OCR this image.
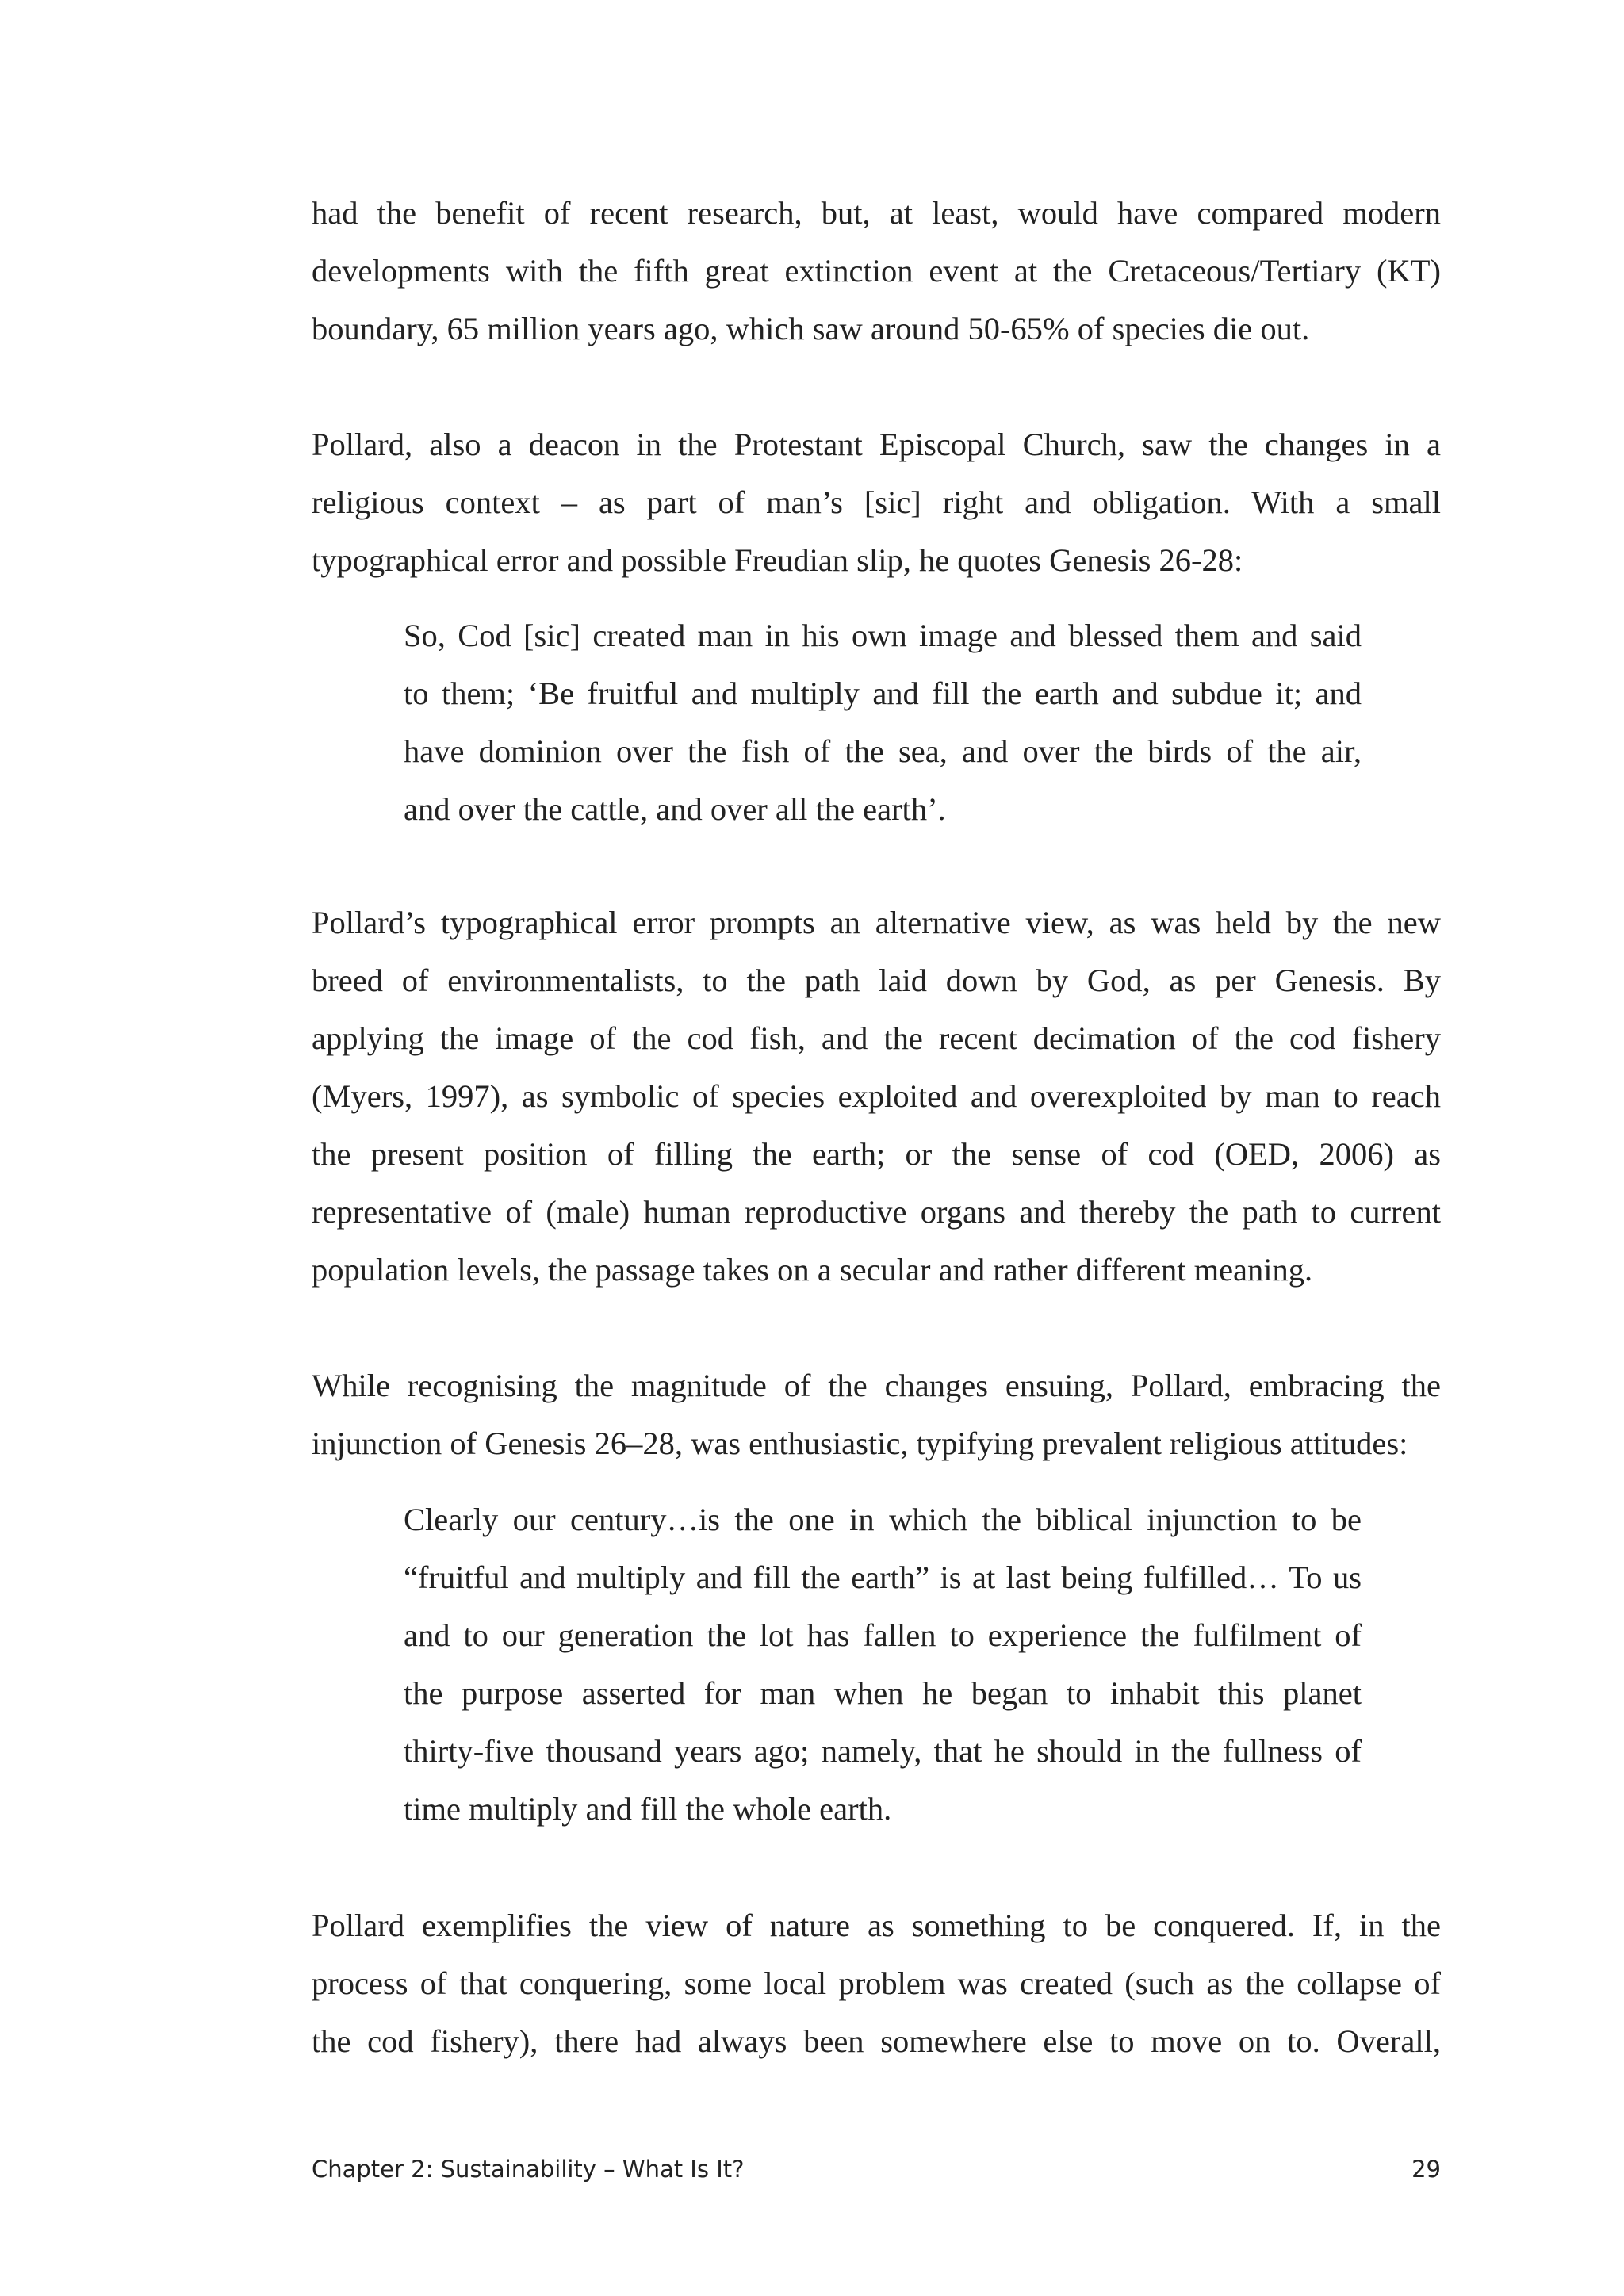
had the benefit of recent research, but, at least, would have compared modern
developments with the fifth great extinction event at the Cretaceous/Tertiary (KT)
boundary, 65 million years ago, which saw around 50-65% of species die out.
Pollard, also a deacon in the Protestant Episcopal Church, saw the changes in a
religious context – as part of man’s [sic] right and obligation. With a small
typographical error and possible Freudian slip, he quotes Genesis 26-28:
So, Cod [sic] created man in his own image and blessed them and said
to them; ‘Be fruitful and multiply and fill the earth and subdue it; and
have dominion over the fish of the sea, and over the birds of the air,
and over the cattle, and over all the earth’.
Pollard’s typographical error prompts an alternative view, as was held by the new
breed of environmentalists, to the path laid down by God, as per Genesis. By
applying the image of the cod fish, and the recent decimation of the cod fishery
(Myers, 1997), as symbolic of species exploited and overexploited by man to reach
the present position of filling the earth; or the sense of cod (OED, 2006) as
representative of (male) human reproductive organs and thereby the path to current
population levels, the passage takes on a secular and rather different meaning.
While recognising the magnitude of the changes ensuing, Pollard, embracing the
injunction of Genesis 26–28, was enthusiastic, typifying prevalent religious attitudes:
Clearly our century…is the one in which the biblical injunction to be
“fruitful and multiply and fill the earth” is at last being fulfilled… To us
and to our generation the lot has fallen to experience the fulfilment of
the purpose asserted for man when he began to inhabit this planet
thirty-five thousand years ago; namely, that he should in the fullness of
time multiply and fill the whole earth.
Pollard exemplifies the view of nature as something to be conquered. If, in the
process of that conquering, some local problem was created (such as the collapse of
the cod fishery), there had always been somewhere else to move on to. Overall,
Chapter 2: Sustainability – What Is It?	29
